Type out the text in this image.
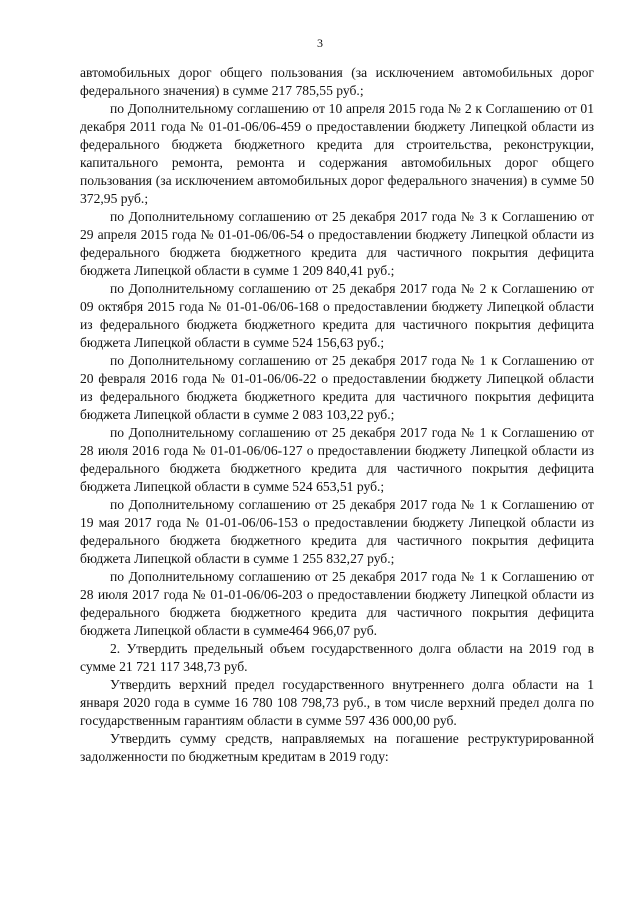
3

автомобильных дорог общего пользования (за исключением автомобильных дорог федерального значения) в сумме 217 785,55 руб.;

по Дополнительному соглашению от 10 апреля 2015 года № 2 к Соглашению от 01 декабря 2011 года № 01-01-06/06-459 о предоставлении бюджету Липецкой области из федерального бюджета бюджетного кредита для строительства, реконструкции, капитального ремонта, ремонта и содержания автомобильных дорог общего пользования (за исключением автомобильных дорог федерального значения) в сумме 50 372,95 руб.;

по Дополнительному соглашению от 25 декабря 2017 года № 3 к Соглашению от 29 апреля 2015 года № 01-01-06/06-54 о предоставлении бюджету Липецкой области из федерального бюджета бюджетного кредита для частичного покрытия дефицита бюджета Липецкой области в сумме 1 209 840,41 руб.;

по Дополнительному соглашению от 25 декабря 2017 года № 2 к Соглашению от 09 октября 2015 года № 01-01-06/06-168 о предоставлении бюджету Липецкой области из федерального бюджета бюджетного кредита для частичного покрытия дефицита бюджета Липецкой области в сумме 524 156,63 руб.;

по Дополнительному соглашению от 25 декабря 2017 года № 1 к Соглашению от 20 февраля 2016 года № 01-01-06/06-22 о предоставлении бюджету Липецкой области из федерального бюджета бюджетного кредита для частичного покрытия дефицита бюджета Липецкой области в сумме 2 083 103,22 руб.;

по Дополнительному соглашению от 25 декабря 2017 года № 1 к Соглашению от 28 июля 2016 года № 01-01-06/06-127 о предоставлении бюджету Липецкой области из федерального бюджета бюджетного кредита для частичного покрытия дефицита бюджета Липецкой области в сумме 524 653,51 руб.;

по Дополнительному соглашению от 25 декабря 2017 года № 1 к Соглашению от 19 мая 2017 года № 01-01-06/06-153 о предоставлении бюджету Липецкой области из федерального бюджета бюджетного кредита для частичного покрытия дефицита бюджета Липецкой области в сумме 1 255 832,27 руб.;

по Дополнительному соглашению от 25 декабря 2017 года № 1 к Соглашению от 28 июля 2017 года № 01-01-06/06-203 о предоставлении бюджету Липецкой области из федерального бюджета бюджетного кредита для частичного покрытия дефицита бюджета Липецкой области в сумме464 966,07 руб.

2. Утвердить предельный объем государственного долга области на 2019 год в сумме 21 721 117 348,73 руб.

Утвердить верхний предел государственного внутреннего долга области на 1 января 2020 года в сумме 16 780 108 798,73 руб., в том числе верхний предел долга по государственным гарантиям области в сумме 597 436 000,00 руб.

Утвердить сумму средств, направляемых на погашение реструктурированной задолженности по бюджетным кредитам в 2019 году:
